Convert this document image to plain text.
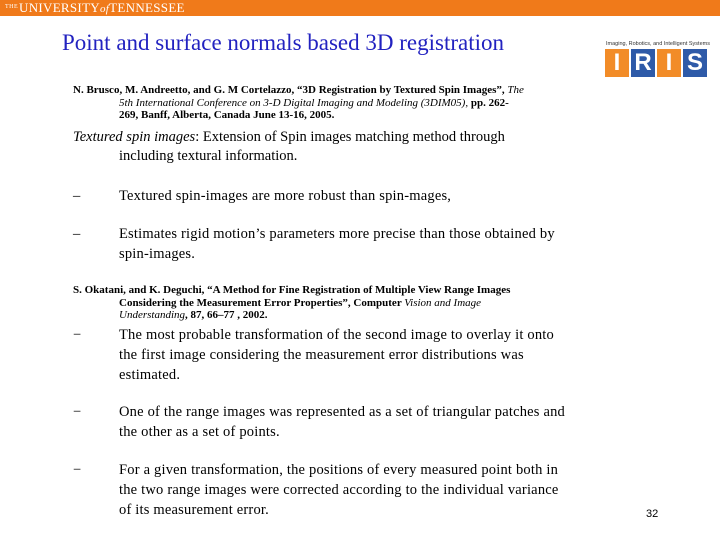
THE UNIVERSITYofTENNESSEE
Point and surface normals based 3D registration	Imaging, Robotics, and Intelligent Systems
I R I S
N. Brusco, M. Andreetto, and G. M Cortelazzo, “3D Registration by Textured Spin Images”, The
5th International Conference on 3-D Digital Imaging and Modeling (3DIM05), pp. 262-
269, Banff, Alberta, Canada June 13-16, 2005.
Textured spin images: Extension of Spin images matching method through
including textural information.
–	Textured spin-images are more robust than spin-mages,
–	Estimates rigid motion’s parameters more precise than those obtained by spin-images.
S. Okatani, and K. Deguchi, “A Method for Fine Registration of Multiple View Range Images
Considering the Measurement Error Properties”, Computer Vision and Image
Understanding, 87, 66–77 , 2002.
−	The most probable transformation of the second image to overlay it onto the first image considering the measurement error distributions was estimated.
−	One of the range images was represented as a set of triangular patches and the other as a set of points.
−	For a given transformation, the positions of every measured point both in the two range images were corrected according to the individual variance of its measurement error.	32
